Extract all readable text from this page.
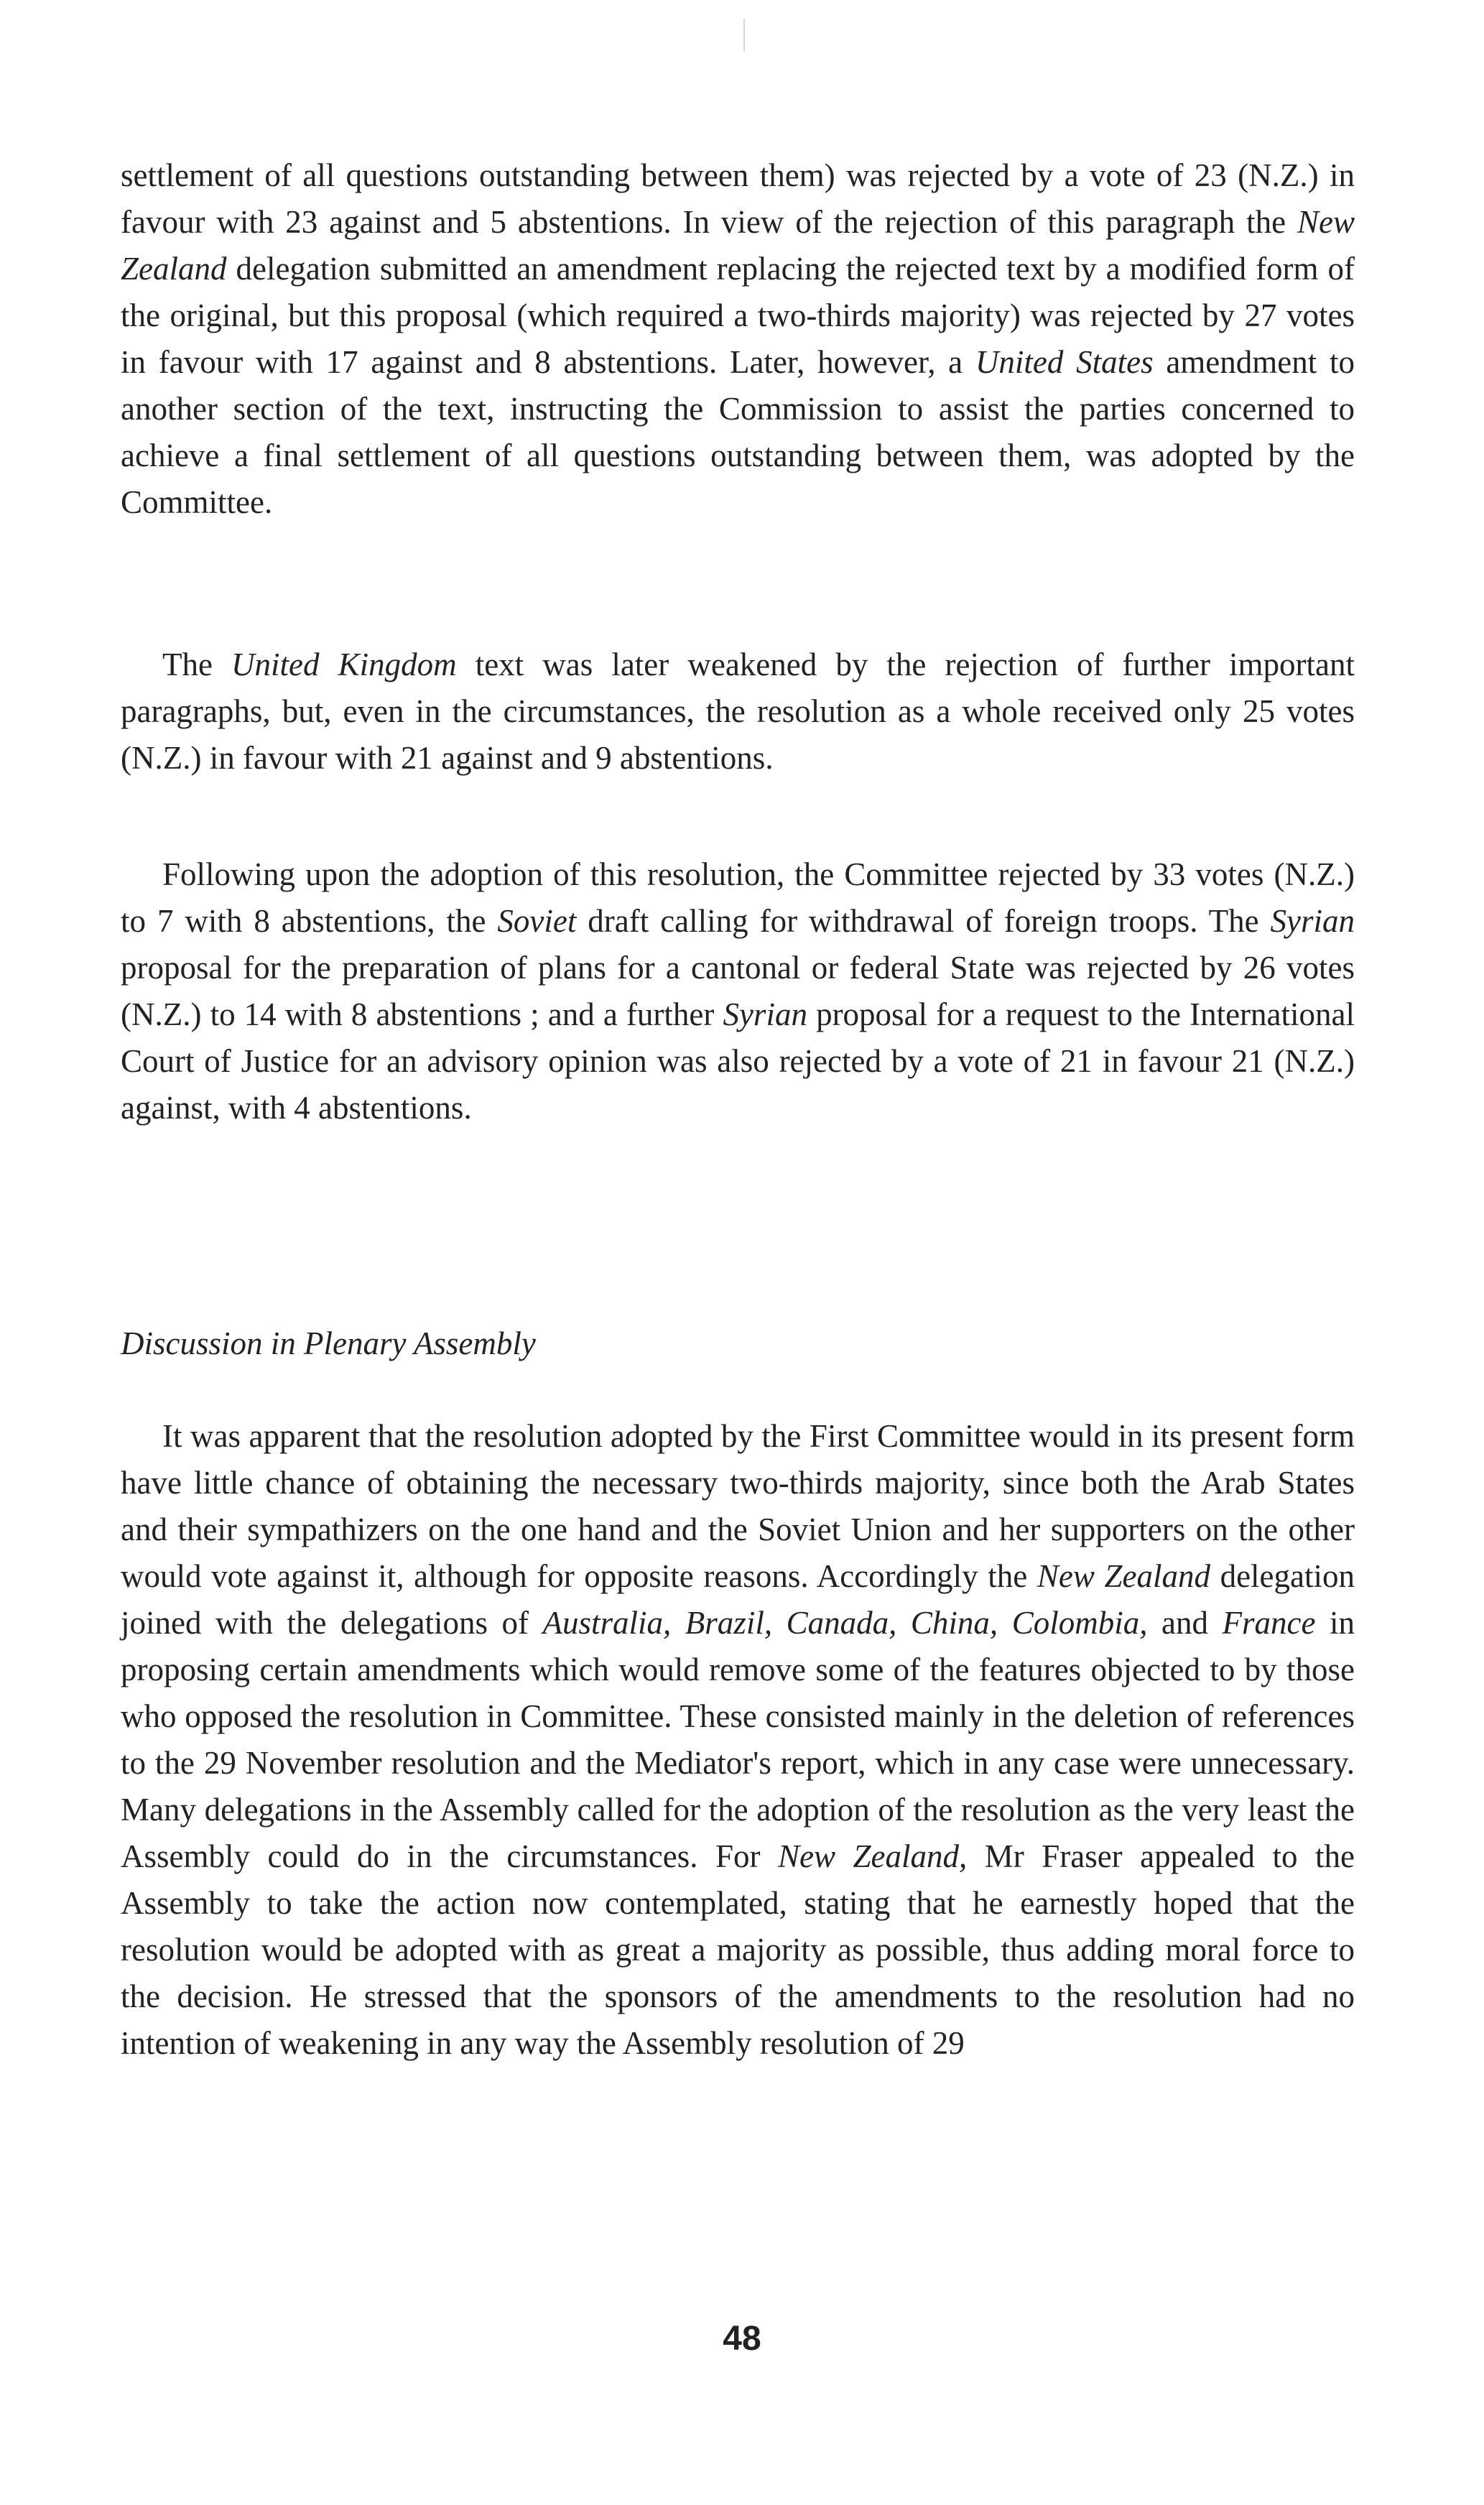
settlement of all questions outstanding between them) was rejected by a vote of 23 (N.Z.) in favour with 23 against and 5 abstentions. In view of the rejection of this paragraph the New Zealand delegation submitted an amendment replacing the rejected text by a modified form of the original, but this proposal (which required a two-thirds majority) was rejected by 27 votes in favour with 17 against and 8 abstentions. Later, however, a United States amendment to another section of the text, instructing the Commission to assist the parties concerned to achieve a final settlement of all questions outstanding between them, was adopted by the Committee.

The United Kingdom text was later weakened by the rejection of further important paragraphs, but, even in the circumstances, the resolution as a whole received only 25 votes (N.Z.) in favour with 21 against and 9 abstentions.

Following upon the adoption of this resolution, the Committee rejected by 33 votes (N.Z.) to 7 with 8 abstentions, the Soviet draft calling for withdrawal of foreign troops. The Syrian proposal for the preparation of plans for a cantonal or federal State was rejected by 26 votes (N.Z.) to 14 with 8 abstentions ; and a further Syrian proposal for a request to the International Court of Justice for an advisory opinion was also rejected by a vote of 21 in favour 21 (N.Z.) against, with 4 abstentions.

Discussion in Plenary Assembly

It was apparent that the resolution adopted by the First Committee would in its present form have little chance of obtaining the necessary two-thirds majority, since both the Arab States and their sympathizers on the one hand and the Soviet Union and her supporters on the other would vote against it, although for opposite reasons. Accordingly the New Zealand delegation joined with the delegations of Australia, Brazil, Canada, China, Colombia, and France in proposing certain amendments which would remove some of the features objected to by those who opposed the resolution in Committee. These consisted mainly in the deletion of references to the 29 November resolution and the Mediator's report, which in any case were unnecessary. Many delegations in the Assembly called for the adoption of the resolution as the very least the Assembly could do in the circumstances. For New Zealand, Mr Fraser appealed to the Assembly to take the action now contemplated, stating that he earnestly hoped that the resolution would be adopted with as great a majority as possible, thus adding moral force to the decision. He stressed that the sponsors of the amendments to the resolution had no intention of weakening in any way the Assembly resolution of 29

48
